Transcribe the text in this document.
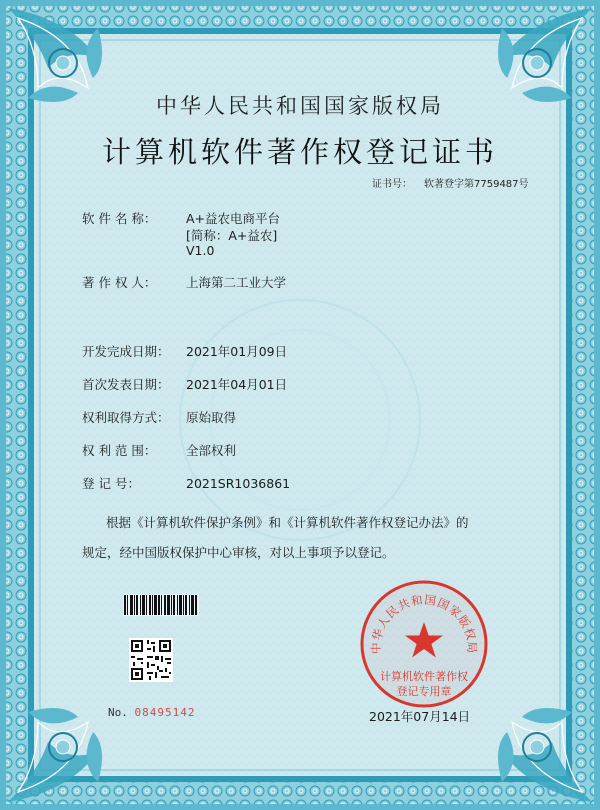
中华人民共和国国家版权局
计算机软件著作权登记证书
证书号： 软著登字第7759487号
软 件 名 称： A+益农电商平台
[简称：A+益农]
V1.0
著 作 权 人： 上海第二工业大学
开发完成日期： 2021年01月09日
首次发表日期： 2021年04月01日
权利取得方式： 原始取得
权 利 范 围： 全部权利
登 记 号：	2021SR1036861
根据《计算机软件保护条例》和《计算机软件著作权登记办法》的
规定，经中国版权保护中心审核，对以上事项予以登记。
No. 08495142	2021年07月14日
中华人民共和国国家版权局
计算机软件著作权
登记专用章
